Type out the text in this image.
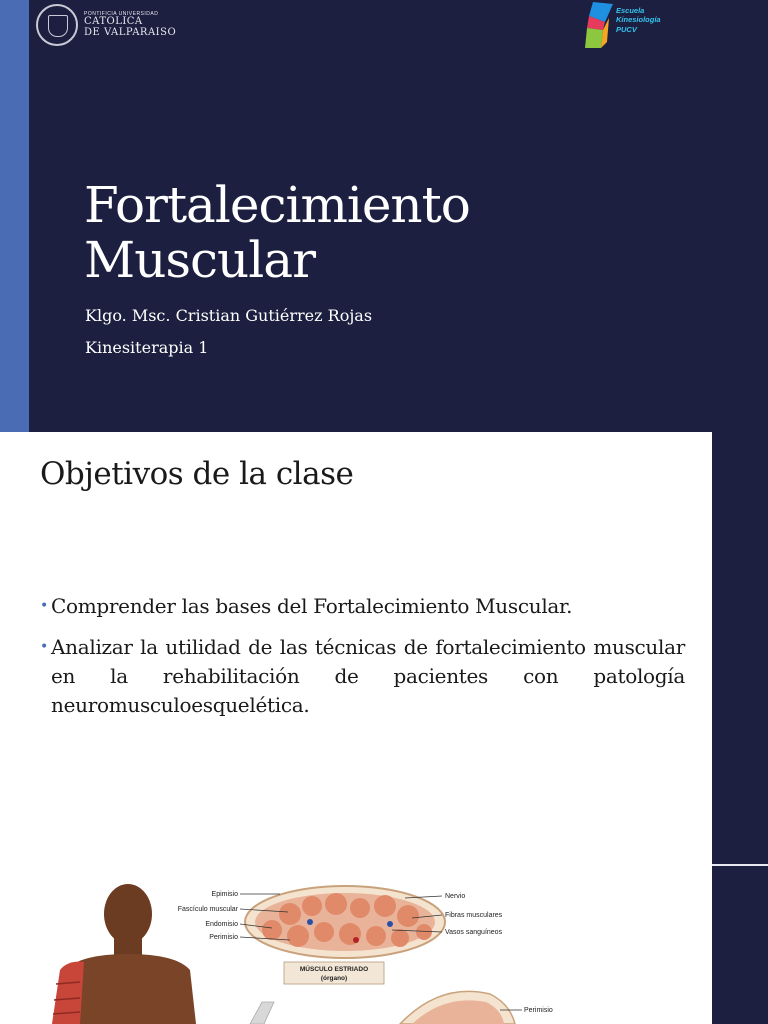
PONTIFICIA UNIVERSIDAD
CATOLICA
DE VALPARAISO
Escuela
Kinesiología
PUCV
Fortalecimiento
Muscular

Klgo. Msc. Cristian Gutiérrez Rojas

Kinesiterapia 1

Objetivos de la clase
• Comprender las bases del Fortalecimiento Muscular.
• Analizar la utilidad de las técnicas de fortalecimiento muscular en la rehabilitación de pacientes con patología neuromusculoesquelética.
Epimisio
Fascículo muscular
Endomisio
Perimisio
Nervio
Fibras musculares
Vasos sanguíneos
MÚSCULO ESTRIADO
(órgano)
Perimisio
